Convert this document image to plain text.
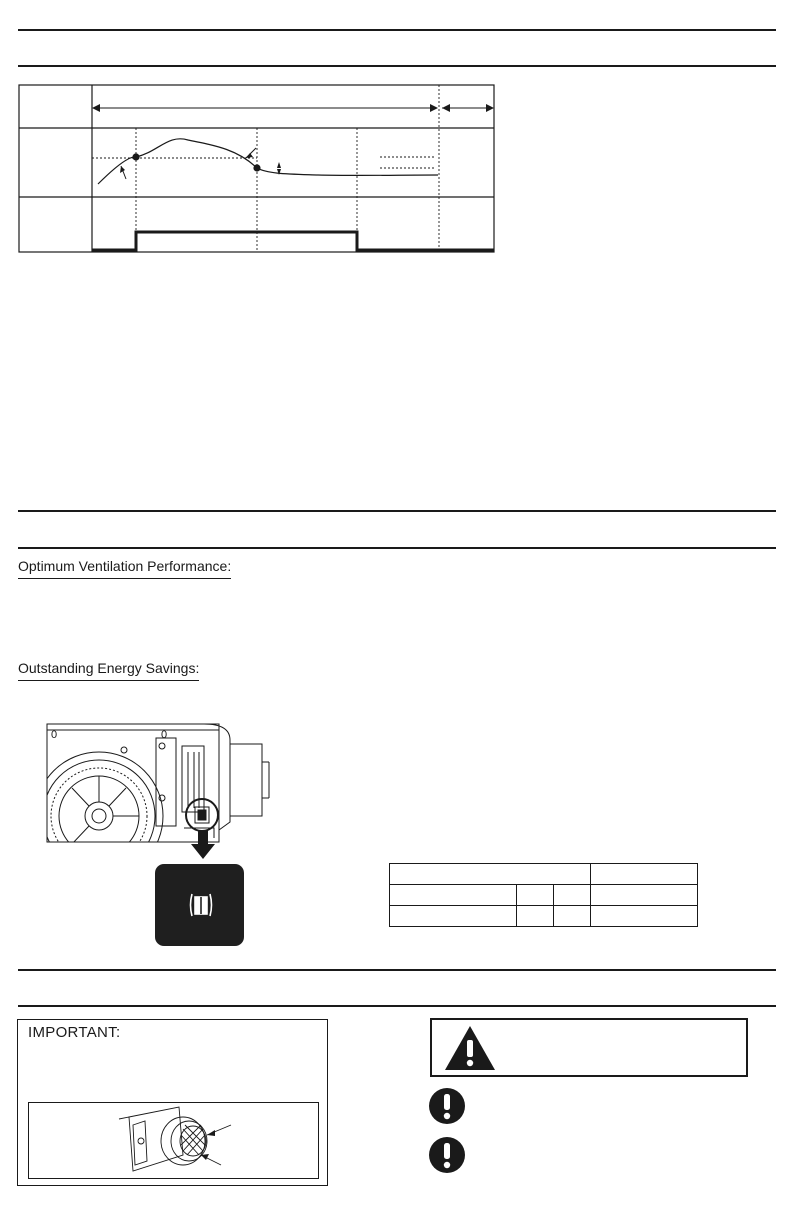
Optimum Ventilation Performance:
Outstanding Energy Savings:
0	0

IMPORTANT:
